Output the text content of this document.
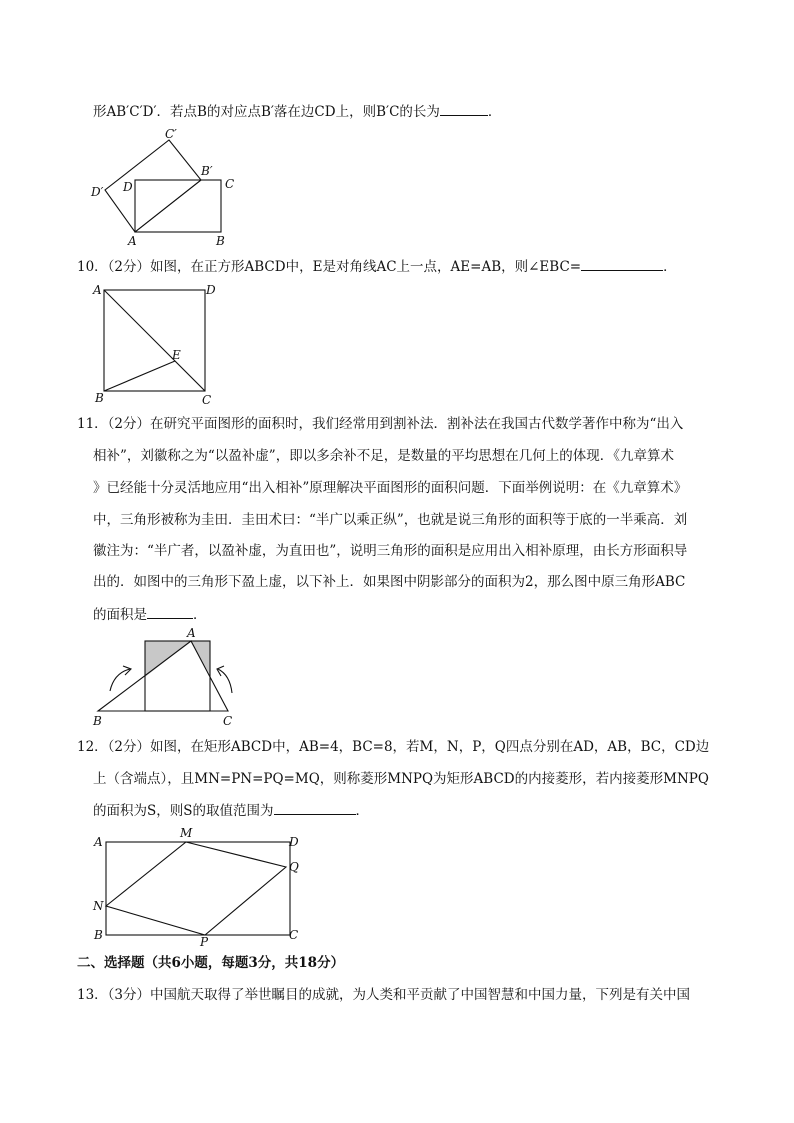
形AB′C′D′．若点B的对应点B′落在边CD上，则B′C的长为	．
C′
D′ D
B′
C
A	B
10．（2分）如图，在正方形ABCD中，E是对角线AC上一点，AE=AB，则∠EBC=	．
A	D
E
B	C
11．（2分）在研究平面图形的面积时，我们经常用到割补法．割补法在我国古代数学著作中称为“出入
相补”，刘徽称之为“以盈补虚”，即以多余补不足，是数量的平均思想在几何上的体现．《九章算术
》已经能十分灵活地应用“出入相补”原理解决平面图形的面积问题．下面举例说明：在《九章算术》
中，三角形被称为圭田．圭田术曰：“半广以乘正纵”，也就是说三角形的面积等于底的一半乘高．刘
徽注为：“半广者，以盈补虚，为直田也”，说明三角形的面积是应用出入相补原理，由长方形面积导
出的．如图中的三角形下盈上虚，以下补上．如果图中阴影部分的面积为2，那么图中原三角形ABC
的面积是	．
A
B	C
12．（2分）如图，在矩形ABCD中，AB=4，BC=8，若M，N，P，Q四点分别在AD，AB，BC，CD边
上（含端点），且MN=PN=PQ=MQ，则称菱形MNPQ为矩形ABCD的内接菱形，若内接菱形MNPQ
的面积为S，则S的取值范围为	．
A
M
D
Q
N
B	P	C
二、选择题（共6小题，每题3分，共18分）
13．（3分）中国航天取得了举世瞩目的成就，为人类和平贡献了中国智慧和中国力量，下列是有关中国
